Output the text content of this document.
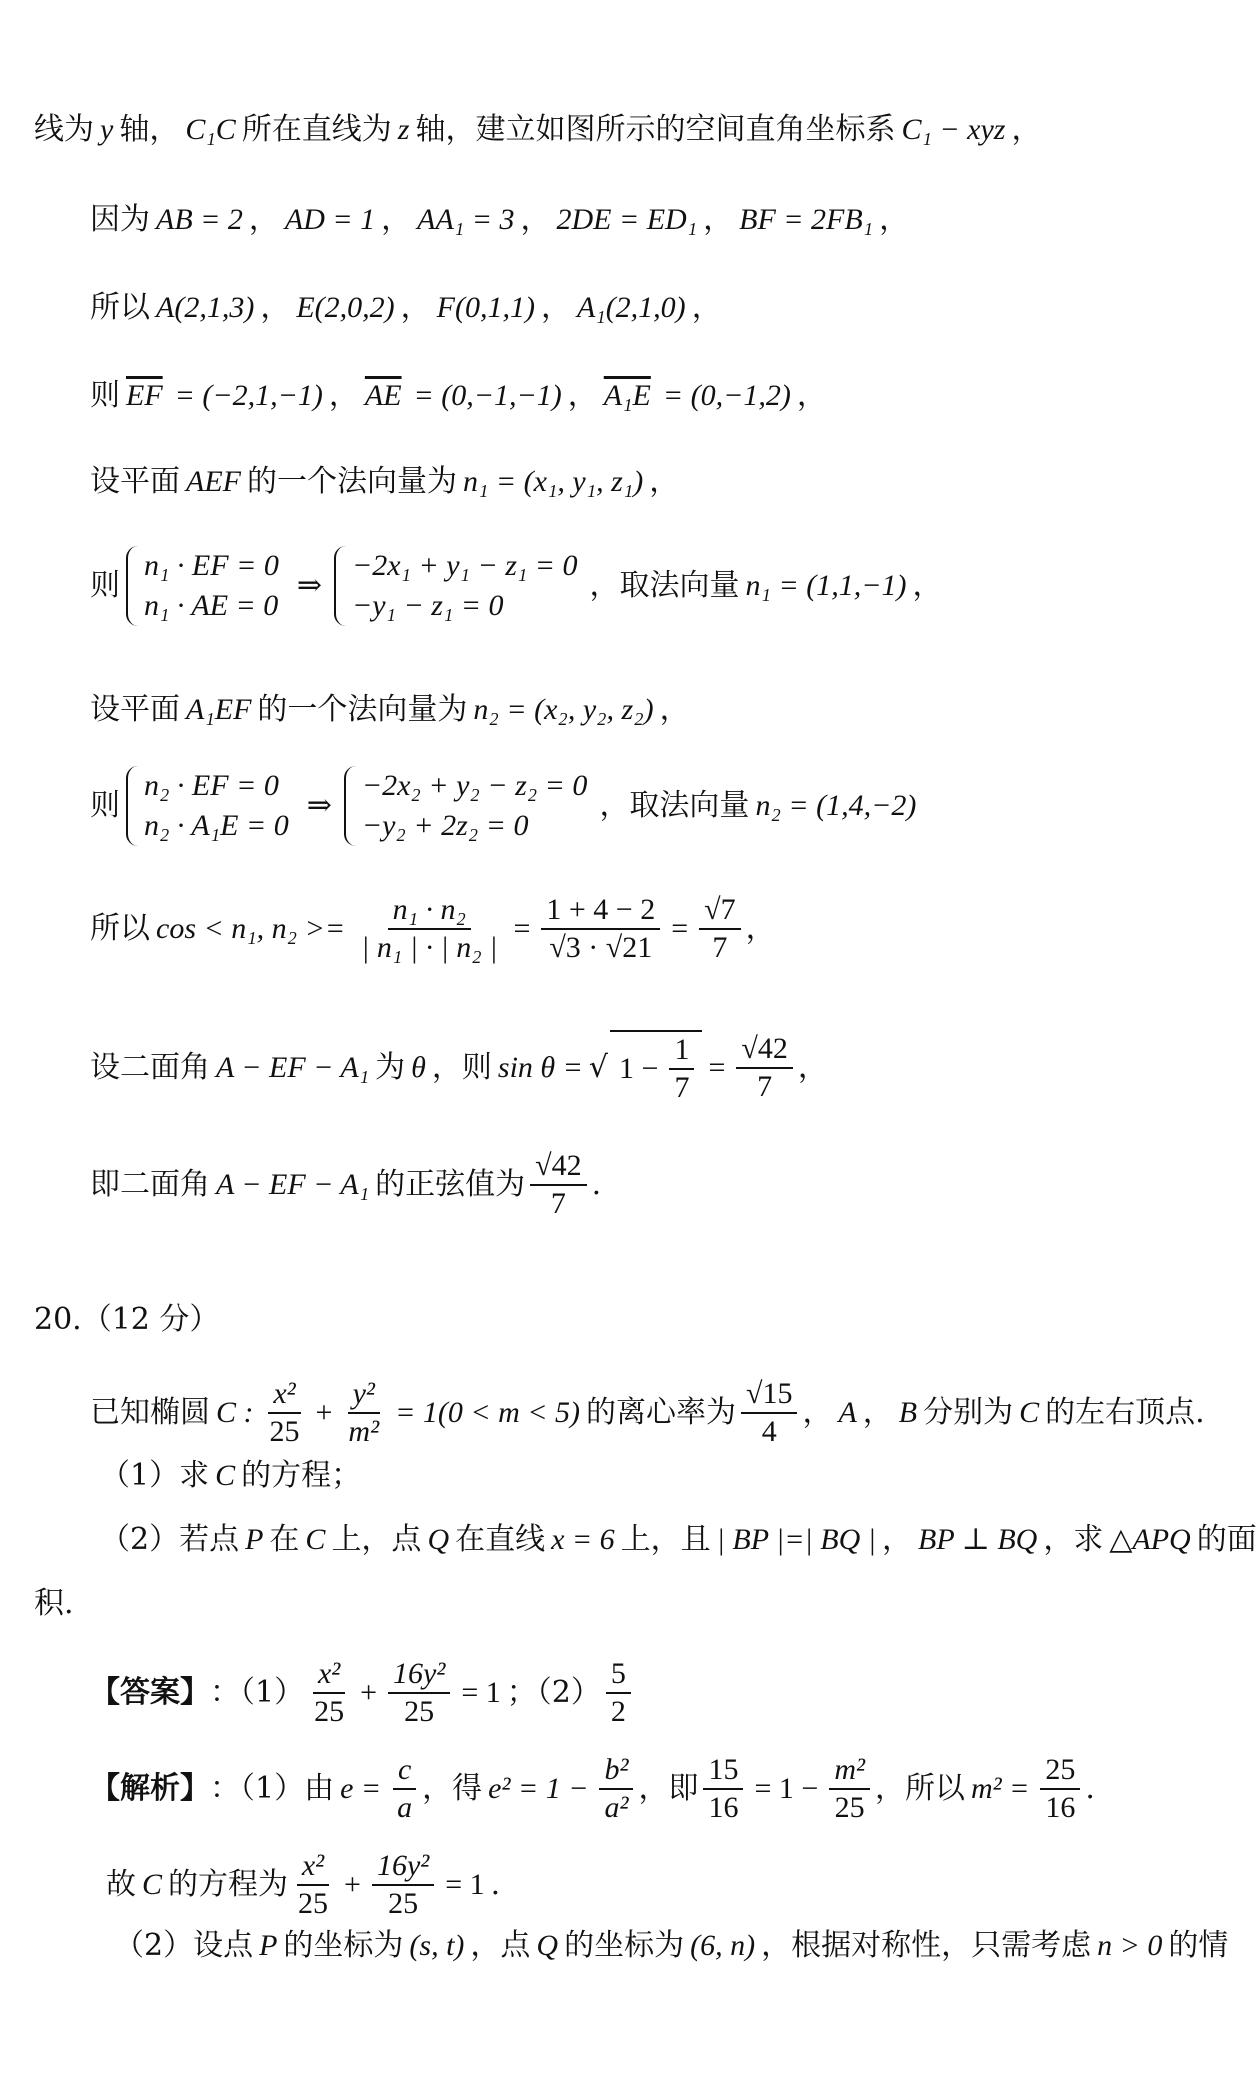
线为 y 轴， C₁C 所在直线为 z 轴，建立如图所示的空间直角坐标系 C₁ − xyz ，
因为 AB = 2 ， AD = 1 ， AA₁ = 3 ， 2DE = ED₁ ， BF = 2FB₁ ，
所以 A(2,1,3) ， E(2,0,2) ， F(0,1,1) ， A₁(2,1,0) ，
则 $\overline{EF} = (-2,1,-1)$ ， $\overline{AE} = (0,-1,-1)$ ， A₁E = (0,−1,2) ，
设平面 AEF 的一个法向量为 n₁ = (x₁, y₁, z₁) ，
则
n₁ · EF = 0
n₁ · AE = 0
⇒
−2x₁ + y₁ − z₁ = 0
−y₁ − z₁ = 0
，取法向量 n₁ = (1,1,−1) ，
设平面 A₁EF 的一个法向量为 n₂ = (x₂, y₂, z₂) ，
则
n₂ · EF = 0
n₂ · A₁E = 0
⇒
−2x₂ + y₂ − z₂ = 0
−y₂ + 2z₂ = 0
，取法向量 n₂ = (1,4,−2)
所以 cos < n₁, $n_2 >= \frac{\text{n₁ · n₂}}{\text{| n₁ | · | n₂ |}} = \frac{1 + 4 - 2}{√3 \cdot √21} = \frac{√7}{7}$ ，
设二面角 A − EF − A₁ 为 θ ，则 sin θ = √ $1 - \frac{1}{7} = \frac{√42}{7}$ ，
即二面角 A − EF − A₁ 的正弦值为 $\frac{√42}{7}$ .
20. （12 分）
已知椭圆 C : $\frac{\text{x²}}{25} + \frac{\text{y²}}{\text{m²}} = 1(0 < m < 5)$ 的离心率为 $\frac{√15}{4}$ ， A ， B 分别为 C 的左右顶点.
（1）求 C 的方程；
（2）若点 P 在 C 上，点 Q 在直线 x = 6 上，且 | BP |=| BQ | ， BP ⊥ BQ ，求 △APQ 的面
积.
【答案】 ：$(1) \frac{\text{x²}}{25} + \frac{\text{16y²}}{25} = 1$ ；$(2) \frac{5}{2}$
【解析】 ：（1）由 $e = \frac{c}{a}$ ，得 $e^2 = 1 - \frac{\text{b²}}{\text{a²}}$ ，即 $\frac{15}{16} = 1 - \frac{\text{m²}}{25}$ ，所以 $m^2 = \frac{25}{16}$ .
故 C 的方程为 $\frac{\text{x²}}{25} + \frac{\text{16y²}}{25} = 1$ .
（2）设点 P 的坐标为 (s, t) ，点 Q 的坐标为 (6, n) ，根据对称性，只需考虑 n > 0 的情
